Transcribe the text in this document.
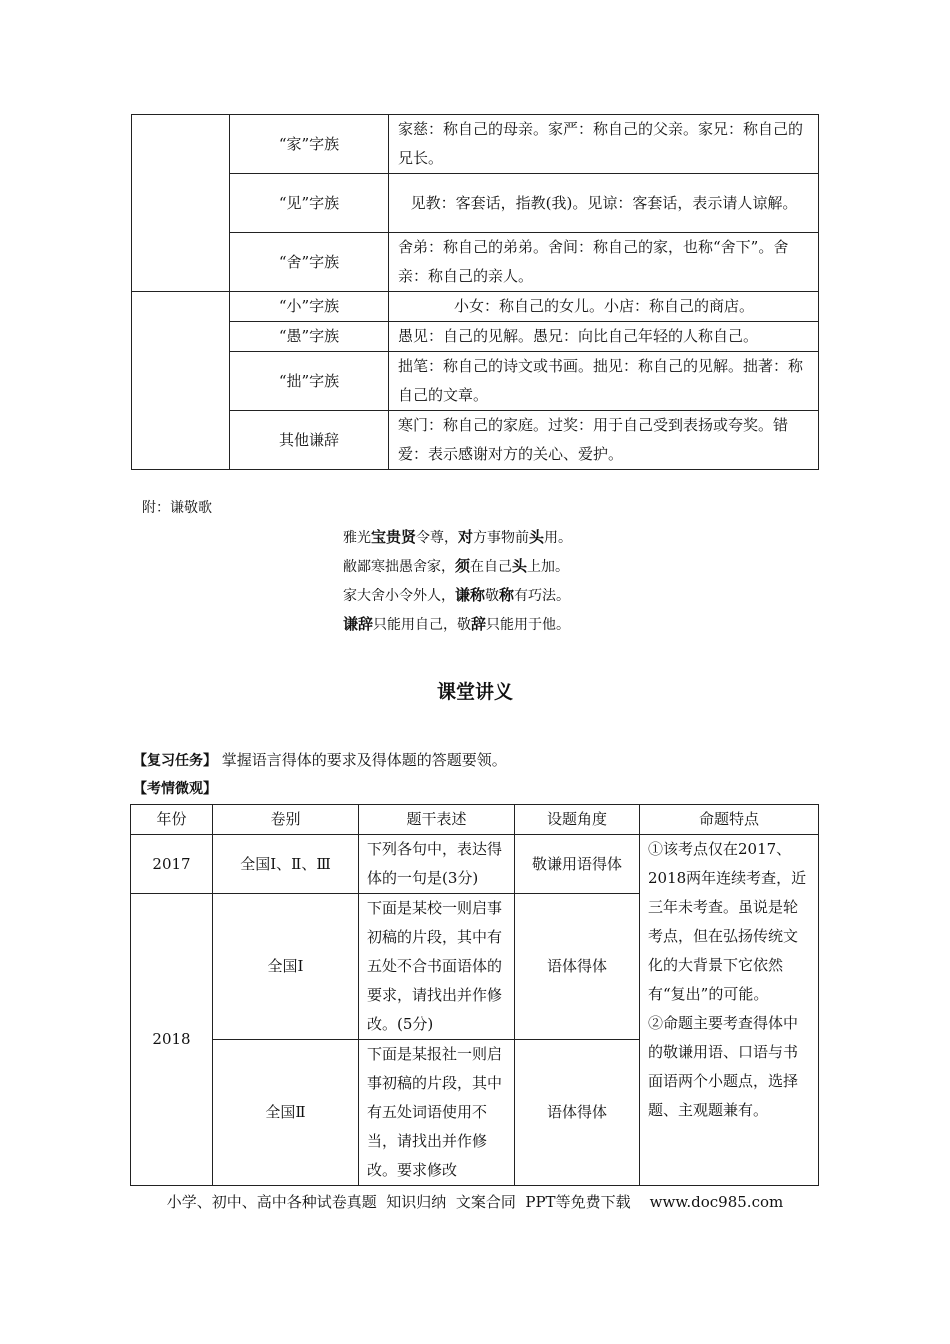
	“家”字族	家慈：称自己的母亲。家严：称自己的父亲。家兄：称自己的兄长。
	“见”字族	见教：客套话，指教(我)。见谅：客套话，表示请人谅解。
	“舍”字族	舍弟：称自己的弟弟。舍间：称自己的家，也称“舍下”。舍亲：称自己的亲人。
	“小”字族	小女：称自己的女儿。小店：称自己的商店。
	“愚”字族	愚见：自己的见解。愚兄：向比自己年轻的人称自己。
	“拙”字族	拙笔：称自己的诗文或书画。拙见：称自己的见解。拙著：称自己的文章。
	其他谦辞	寒门：称自己的家庭。过奖：用于自己受到表扬或夸奖。错爱：表示感谢对方的关心、爱护。
附：谦敬歌
雅光宝贵贤令尊，对方事物前头用。
敝鄙寒拙愚舍家，须在自己头上加。
家大舍小令外人，谦称敬称有巧法。
谦辞只能用自己，敬辞只能用于他。
课堂讲义
【复习任务】 掌握语言得体的要求及得体题的答题要领。
【考情微观】
年份	卷别	题干表述	设题角度	命题特点
2017	全国Ⅰ、Ⅱ、Ⅲ	下列各句中，表达得体的一句是(3分)	敬谦用语得体	①该考点仅在2017、2018两年连续考查，近三年未考查。虽说是轮考点，但在弘扬传统文化的大背景下它依然有“复出”的可能。
②命题主要考查得体中的敬谦用语、口语与书面语两个小题点，选择题、主观题兼有。

2018	全国Ⅰ	下面是某校一则启事初稿的片段，其中有五处不合书面语体的要求，请找出并作修改。(5分)	语体得体	
	全国Ⅱ	下面是某报社一则启事初稿的片段，其中有五处词语使用不当，请找出并作修改。要求修改	语体得体	
小学、初中、高中各种试卷真题  知识归纳  文案合同  PPT等免费下载    www.doc985.com
